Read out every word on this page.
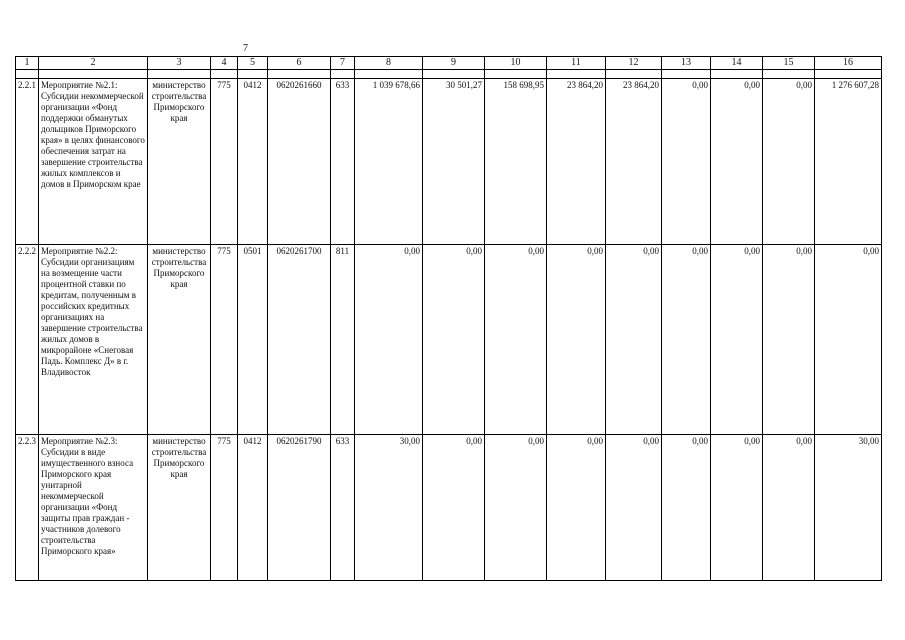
7
1	2	3	4	5	6	7	8	9	10	11	12	13	14	15	16

2.2.1	Мероприятие №2.1: Субсидии некоммерческой организации «Фонд поддержки обманутых дольщиков Приморского края» в целях финансового обеспечения затрат на завершение строительства жилых комплексов и домов в Приморском крае	министерство строительства Приморского края	775	0412	0620261660	633	1 039 678,66	30 501,27	158 698,95	23 864,20	23 864,20	0,00	0,00	0,00	1 276 607,28
2.2.2	Мероприятие №2.2: Субсидии организациям на возмещение части процентной ставки по кредитам, полученным в российских кредитных организациях на завершение строительства жилых домов в микрорайоне «Снеговая Падь. Комплекс Д» в г. Владивосток	министерство строительства Приморского края	775	0501	0620261700	811	0,00	0,00	0,00	0,00	0,00	0,00	0,00	0,00	0,00
2.2.3	Мероприятие №2.3: Субсидии в виде имущественного взноса Приморского края унитарной некоммерческой организации «Фонд защиты прав граждан - участников долевого строительства Приморского края»	министерство строительства Приморского края	775	0412	0620261790	633	30,00	0,00	0,00	0,00	0,00	0,00	0,00	0,00	30,00
